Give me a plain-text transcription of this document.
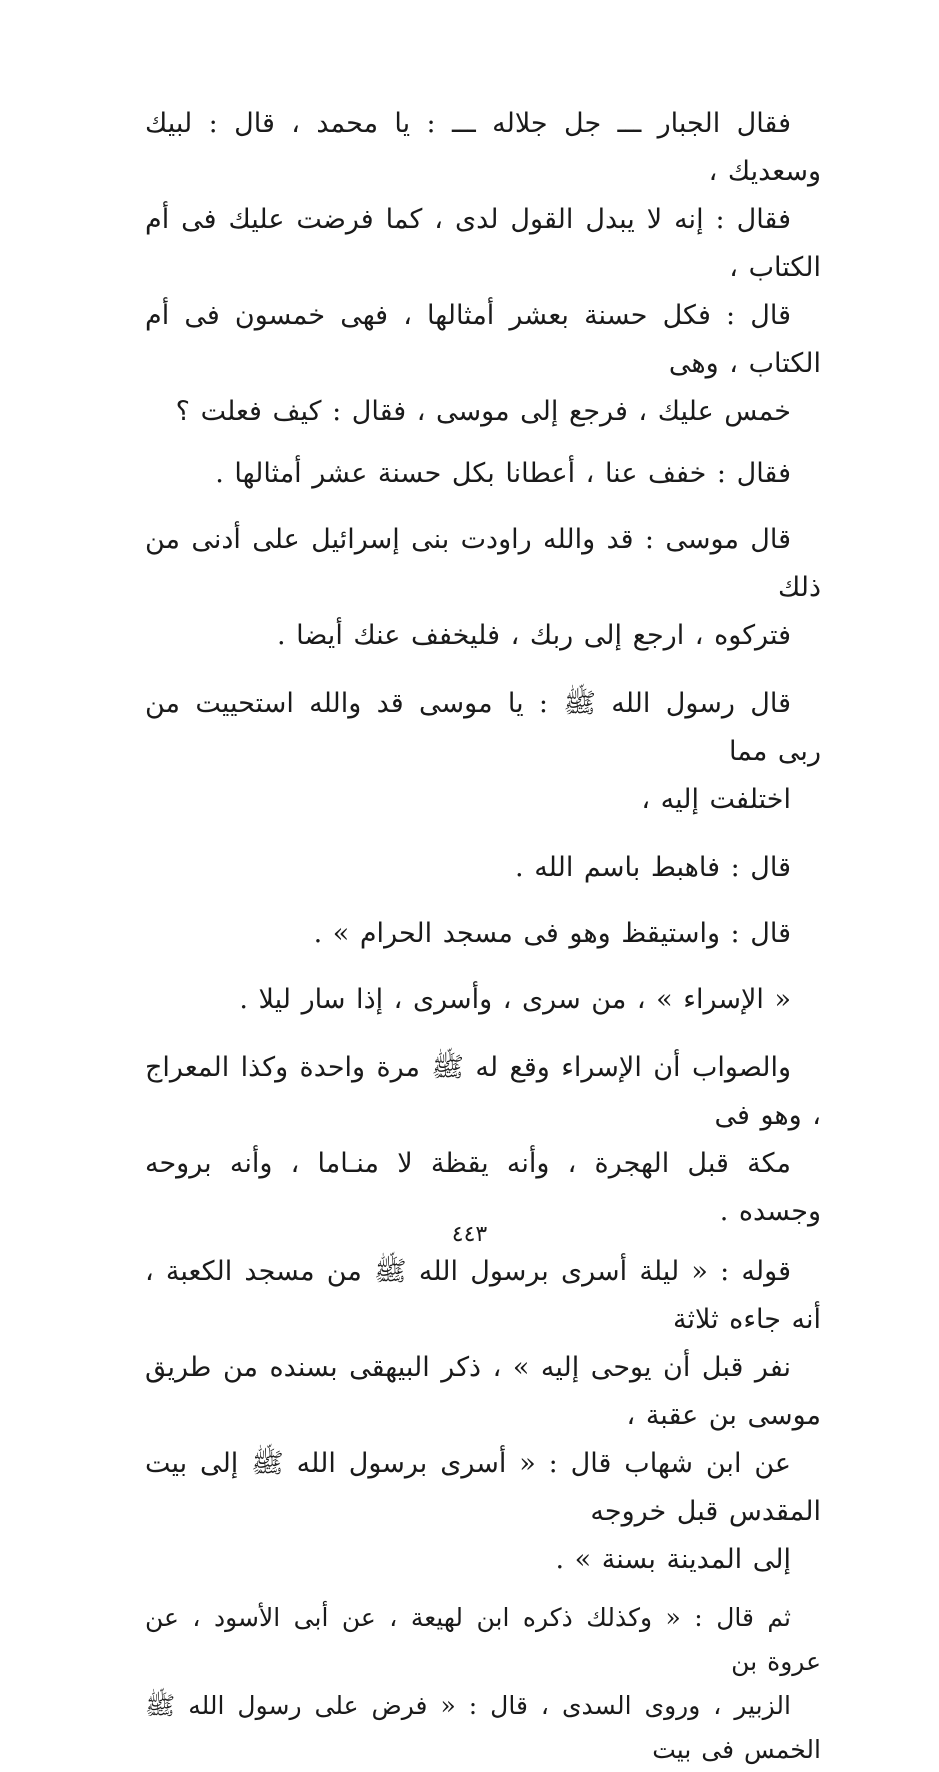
فقال الجبار ـــ جل جلاله ـــ : يا محمد ، قال : لبيك وسعديك ،
فقال : إنه لا يبدل القول لدى ، كما فرضت عليك فى أم الكتاب ،
قال : فكل حسنة بعشر أمثالها ، فهى خمسون فى أم الكتاب ، وهى
خمس عليك ، فرجع إلى موسى ، فقال : كيف فعلت ؟

فقال : خفف عنا ، أعطانا بكل حسنة عشر أمثالها .

قال موسى : قد والله راودت بنى إسرائيل على أدنى من ذلك
فتركوه ، ارجع إلى ربك ، فليخفف عنك أيضا .

قال رسول الله ﷺ : يا موسى قد والله استحييت من ربى مما
اختلفت إليه ،

قال : فاهبط باسم الله .

قال : واستيقظ وهو فى مسجد الحرام » .

« الإسراء » ، من سرى ، وأسرى ، إذا سار ليلا .

والصواب أن الإسراء وقع له ﷺ مرة واحدة وكذا المعراج ، وهو فى
مكة قبل الهجرة ، وأنه يقظة لا منـاما ، وأنه بروحه وجسده .

قوله : « ليلة أسرى برسول الله ﷺ من مسجد الكعبة ، أنه جاءه ثلاثة
نفر قبل أن يوحى إليه » ، ذكر البيهقى بسنده من طريق موسى بن عقبة ،
عن ابن شهاب قال : « أسرى برسول الله ﷺ إلى بيت المقدس قبل خروجه
إلى المدينة بسنة » .

ثم قال : « وكذلك ذكره ابن لهيعة ، عن أبى الأسود ، عن عروة بن
الزبير ، وروى السدى ، قال : « فرض على رسول الله ﷺ الخمس فى بيت

٤٤٣
